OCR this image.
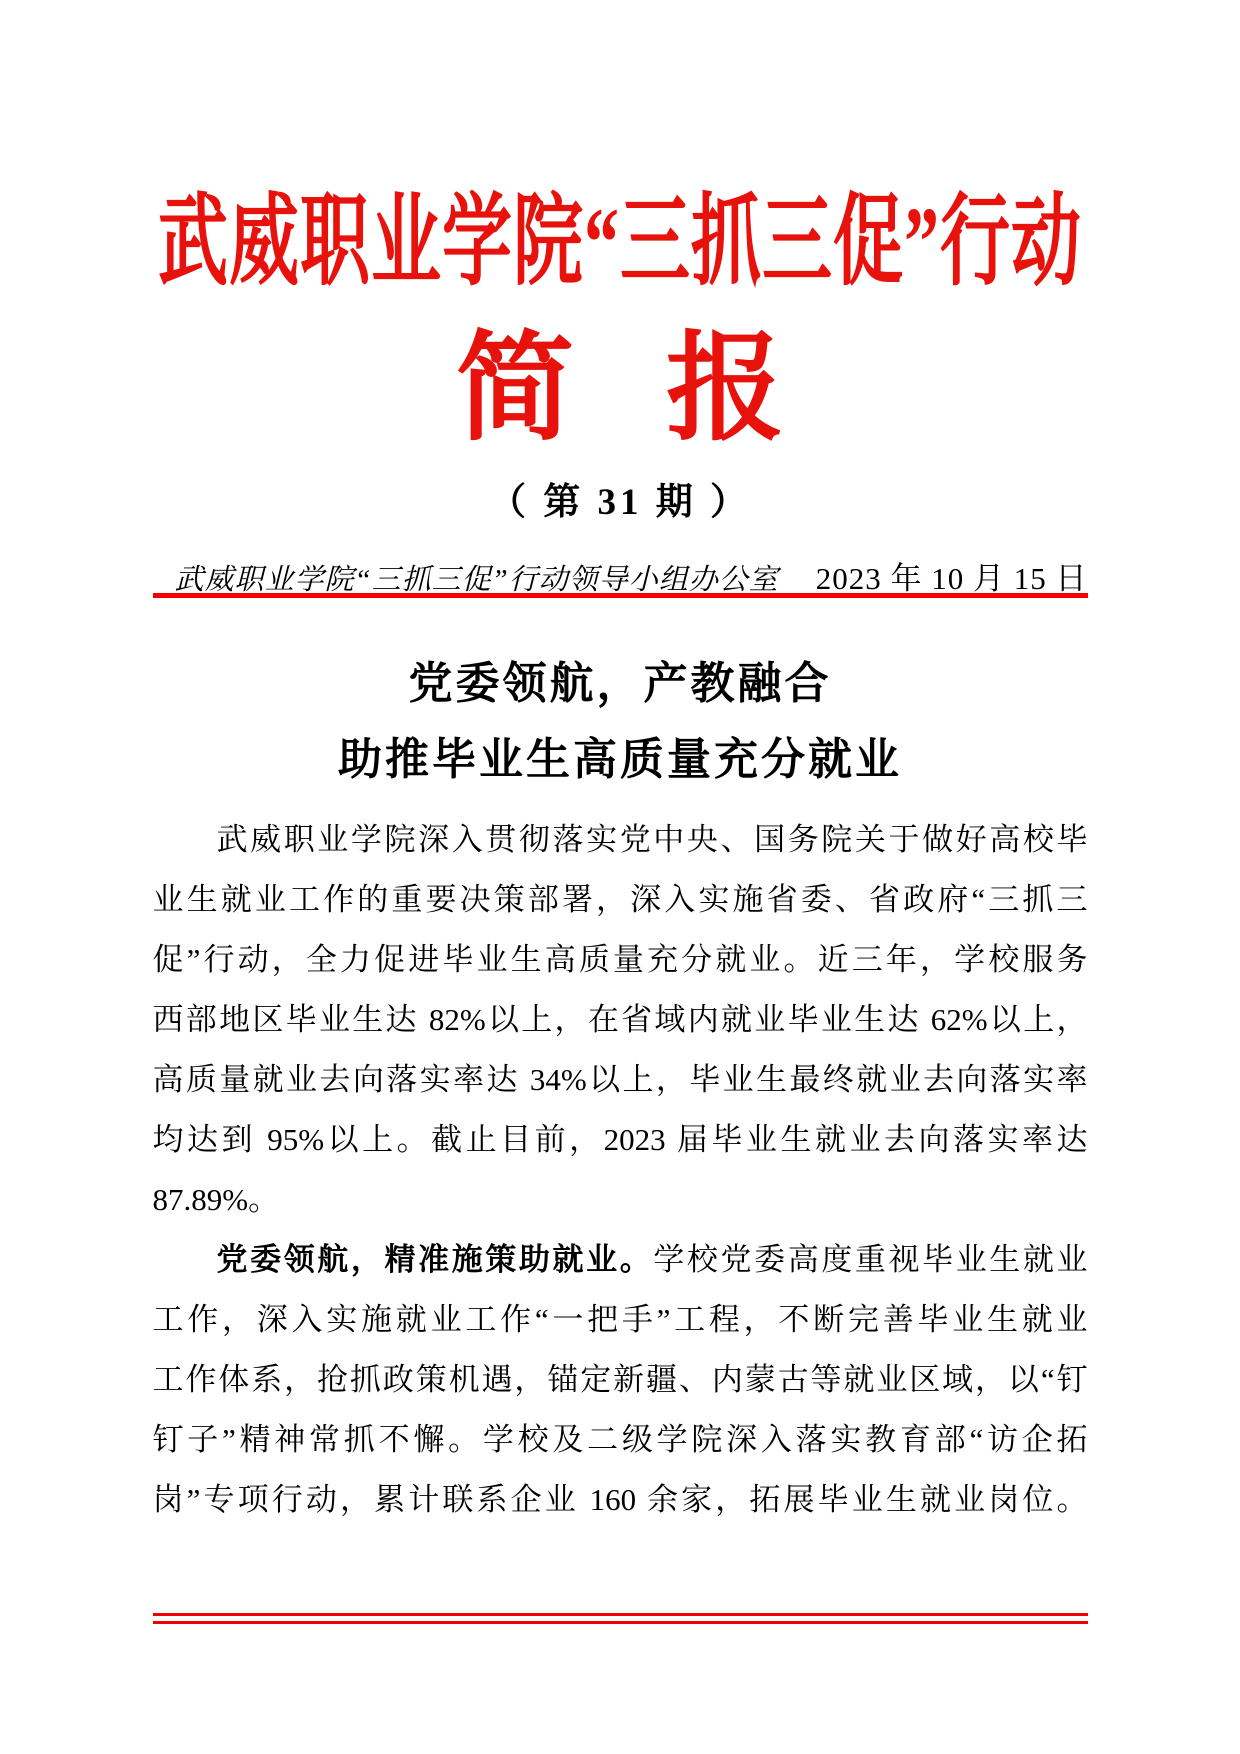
武威职业学院“三抓三促”行动
简 报
（ 第 31 期 ）
武威职业学院“三抓三促”行动领导小组办公室 2023 年 10 月 15 日
党委领航，产教融合
助推毕业生高质量充分就业
武威职业学院深入贯彻落实党中央、国务院关于做好高校毕
业生就业工作的重要决策部署，深入实施省委、省政府“三抓三
促”行动，全力促进毕业生高质量充分就业。近三年，学校服务
西部地区毕业生达 82%以上，在省域内就业毕业生达 62%以上，
高质量就业去向落实率达 34%以上，毕业生最终就业去向落实率
均达到 95%以上。截止目前，2023 届毕业生就业去向落实率达
87.89%。
党委领航，精准施策助就业。学校党委高度重视毕业生就业
工作，深入实施就业工作“一把手”工程，不断完善毕业生就业
工作体系，抢抓政策机遇，锚定新疆、内蒙古等就业区域，以“钉
钉子”精神常抓不懈。学校及二级学院深入落实教育部“访企拓
岗”专项行动，累计联系企业 160 余家，拓展毕业生就业岗位。
